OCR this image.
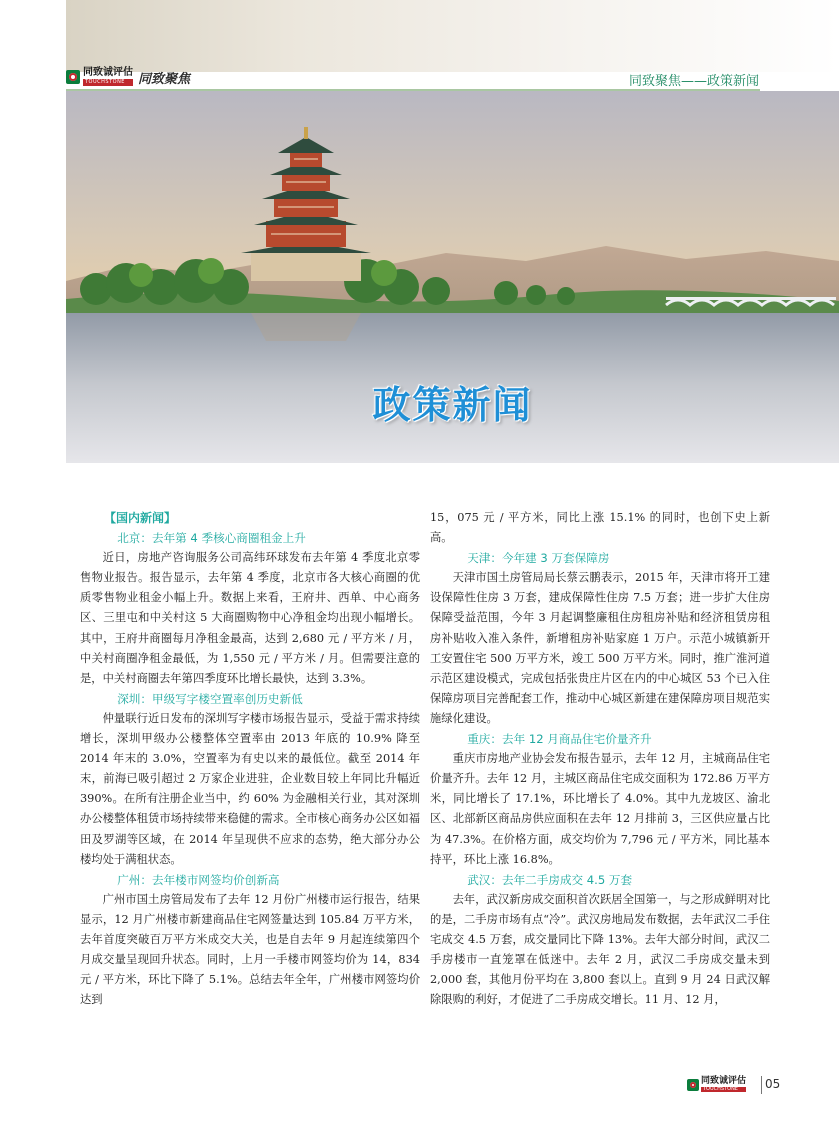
同致诚评估
TOUCHSTONE	同致聚焦	同致聚焦——政策新闻
政策新闻

【国内新闻】

北京：去年第 4 季核心商圈租金上升

近日，房地产咨询服务公司高纬环球发布去年第 4 季度北京零售物业报告。报告显示，去年第 4 季度，北京市各大核心商圈的优质零售物业租金小幅上升。数据上来看，王府井、西单、中心商务区、三里屯和中关村这 5 大商圈购物中心净租金均出现小幅增长。其中，王府井商圈每月净租金最高，达到 2,680 元 / 平方米 / 月，中关村商圈净租金最低，为 1,550 元 / 平方米 / 月。但需要注意的是，中关村商圈去年第四季度环比增长最快，达到 3.3%。

深圳：甲级写字楼空置率创历史新低

仲量联行近日发布的深圳写字楼市场报告显示，受益于需求持续增长，深圳甲级办公楼整体空置率由 2013 年底的 10.9% 降至 2014 年末的 3.0%，空置率为有史以来的最低位。截至 2014 年末，前海已吸引超过 2 万家企业进驻，企业数目较上年同比升幅近 390%。在所有注册企业当中，约 60% 为金融相关行业，其对深圳办公楼整体租赁市场持续带来稳健的需求。全市核心商务办公区如福田及罗湖等区域，在 2014 年呈现供不应求的态势，绝大部分办公楼均处于满租状态。

广州：去年楼市网签均价创新高

广州市国土房管局发布了去年 12 月份广州楼市运行报告，结果显示，12 月广州楼市新建商品住宅网签量达到 105.84 万平方米，去年首度突破百万平方米成交大关，也是自去年 9 月起连续第四个月成交量呈现回升状态。同时，上月一手楼市网签均价为 14，834 元 / 平方米，环比下降了 5.1%。总结去年全年，广州楼市网签均价达到

15，075 元 / 平方米，同比上涨 15.1% 的同时，也创下史上新高。

天津：今年建 3 万套保障房

天津市国土房管局局长蔡云鹏表示，2015 年，天津市将开工建设保障性住房 3 万套，建成保障性住房 7.5 万套；进一步扩大住房保障受益范围，今年 3 月起调整廉租住房租房补贴和经济租赁房租房补贴收入准入条件，新增租房补贴家庭 1 万户。示范小城镇新开工安置住宅 500 万平方米，竣工 500 万平方米。同时，推广淮河道示范区建设模式，完成包括张贵庄片区在内的中心城区 53 个已入住保障房项目完善配套工作，推动中心城区新建在建保障房项目规范实施绿化建设。

重庆：去年 12 月商品住宅价量齐升

重庆市房地产业协会发布报告显示，去年 12 月，主城商品住宅价量齐升。去年 12 月，主城区商品住宅成交面积为 172.86 万平方米，同比增长了 17.1%，环比增长了 4.0%。其中九龙坡区、渝北区、北部新区商品房供应面积在去年 12 月排前 3，三区供应量占比为 47.3%。在价格方面，成交均价为 7,796 元 / 平方米，同比基本持平，环比上涨 16.8%。

武汉：去年二手房成交 4.5 万套

去年，武汉新房成交面积首次跃居全国第一，与之形成鲜明对比的是，二手房市场有点“冷”。武汉房地局发布数据，去年武汉二手住宅成交 4.5 万套，成交量同比下降 13%。去年大部分时间，武汉二手房楼市一直笼罩在低迷中。去年 2 月，武汉二手房成交量未到 2,000 套，其他月份平均在 3,800 套以上。直到 9 月 24 日武汉解除限购的利好，才促进了二手房成交增长。11 月、12 月，

同致诚评估
TOUCHSTONE	05
